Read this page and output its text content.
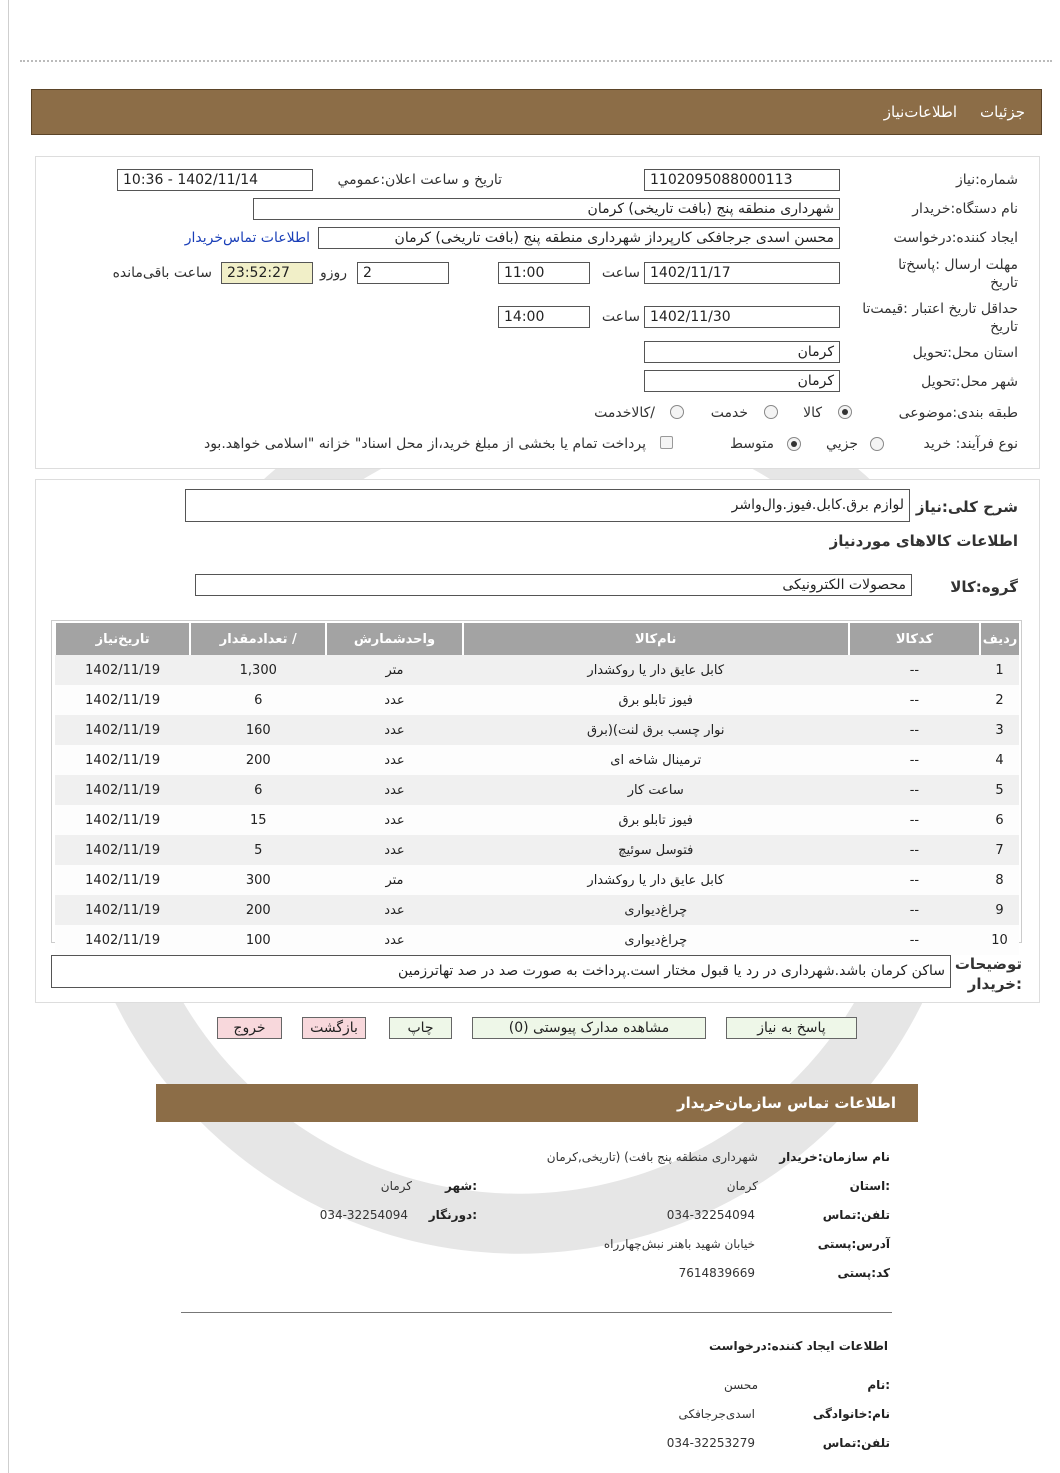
جزئيات
اطلاعات‌نياز
شماره:نیاز
1102095088000113
تاريخ و ساعت اعلان:عمومي
1402/11/14 - 10:36
نام دستگاه:خریدار
شهرداری منطقه پنج (بافت تاریخی) کرمان
ایجاد کننده:درخواست
محسن اسدی جرجافکی کارپرداز شهرداری منطقه پنج (بافت تاریخی) کرمان
اطلاعات تماس‌خریدار
مهلت ارسال :پاسخ‌تا تاریخ
1402/11/17
ساعت
11:00
2
روزو
23:52:27
ساعت باقی‌مانده
حداقل تاریخ اعتبار :قیمت‌تا تاریخ
1402/11/30
ساعت
14:00
استان محل:تحویل
کرمان
شهر محل:تحویل
کرمان
طبقه بندی:موضوعی
کالا
خدمت
/کالاخدمت
نوع فرآیند: خرید
جزيي
متوسط
پرداخت تمام یا بخشی از مبلغ خرید،از محل اسناد" خزانه "اسلامی خواهد.بود
شرح کلی:نیاز
لوازم برق.کابل.فیوز.وال‌واشر
اطلاعات کالاهای موردنیاز
گروه:کالا
محصولات الکترونیکی
ردیف	کدکالا	نام‌کالا	واحدشمارش	/ تعدادمقدار	تاریخ‌نیاز
1	--	کابل عایق دار یا روکشدار	متر	1,300	1402/11/19
2	--	فیوز تابلو برق	عدد	6	1402/11/19
3	--	نوار چسب برق لنت)(برق	عدد	160	1402/11/19
4	--	ترمینال شاخه ای	عدد	200	1402/11/19
5	--	ساعت کار	عدد	6	1402/11/19
6	--	فیوز تابلو برق	عدد	15	1402/11/19
7	--	فتوسل سوئیچ	عدد	5	1402/11/19
8	--	کابل عایق دار یا روکشدار	متر	300	1402/11/19
9	--	چراغ‌دیواری	عدد	200	1402/11/19
10	--	چراغ‌دیواری	عدد	100	1402/11/19
توضیحات
:خریدار
ساکن کرمان باشد.شهرداری در رد یا قبول مختار است.پرداخت به صورت صد در صد تهاترزمین
پاسخ به نیاز
مشاهده مدارک پیوستی (0)
چاپ
بازگشت
خروج
اطلاعات تماس سازمان‌خریدار
نام سازمان:خریدار
شهرداری منطقه پنج بافت) (تاریخی,کرمان
:استان
کرمان
:شهر
کرمان
تلفن:تماس
034-32254094
:دورنگار
034-32254094
آدرس:پستی
خیابان شهید باهنر نبش‌چهارراه
کد:پستی
7614839669
اطلاعات ایجاد کننده:درخواست
:نام
محسن
نام:خانوادگی
اسدی‌جرجافکی
تلفن:تماس
034-32253279
